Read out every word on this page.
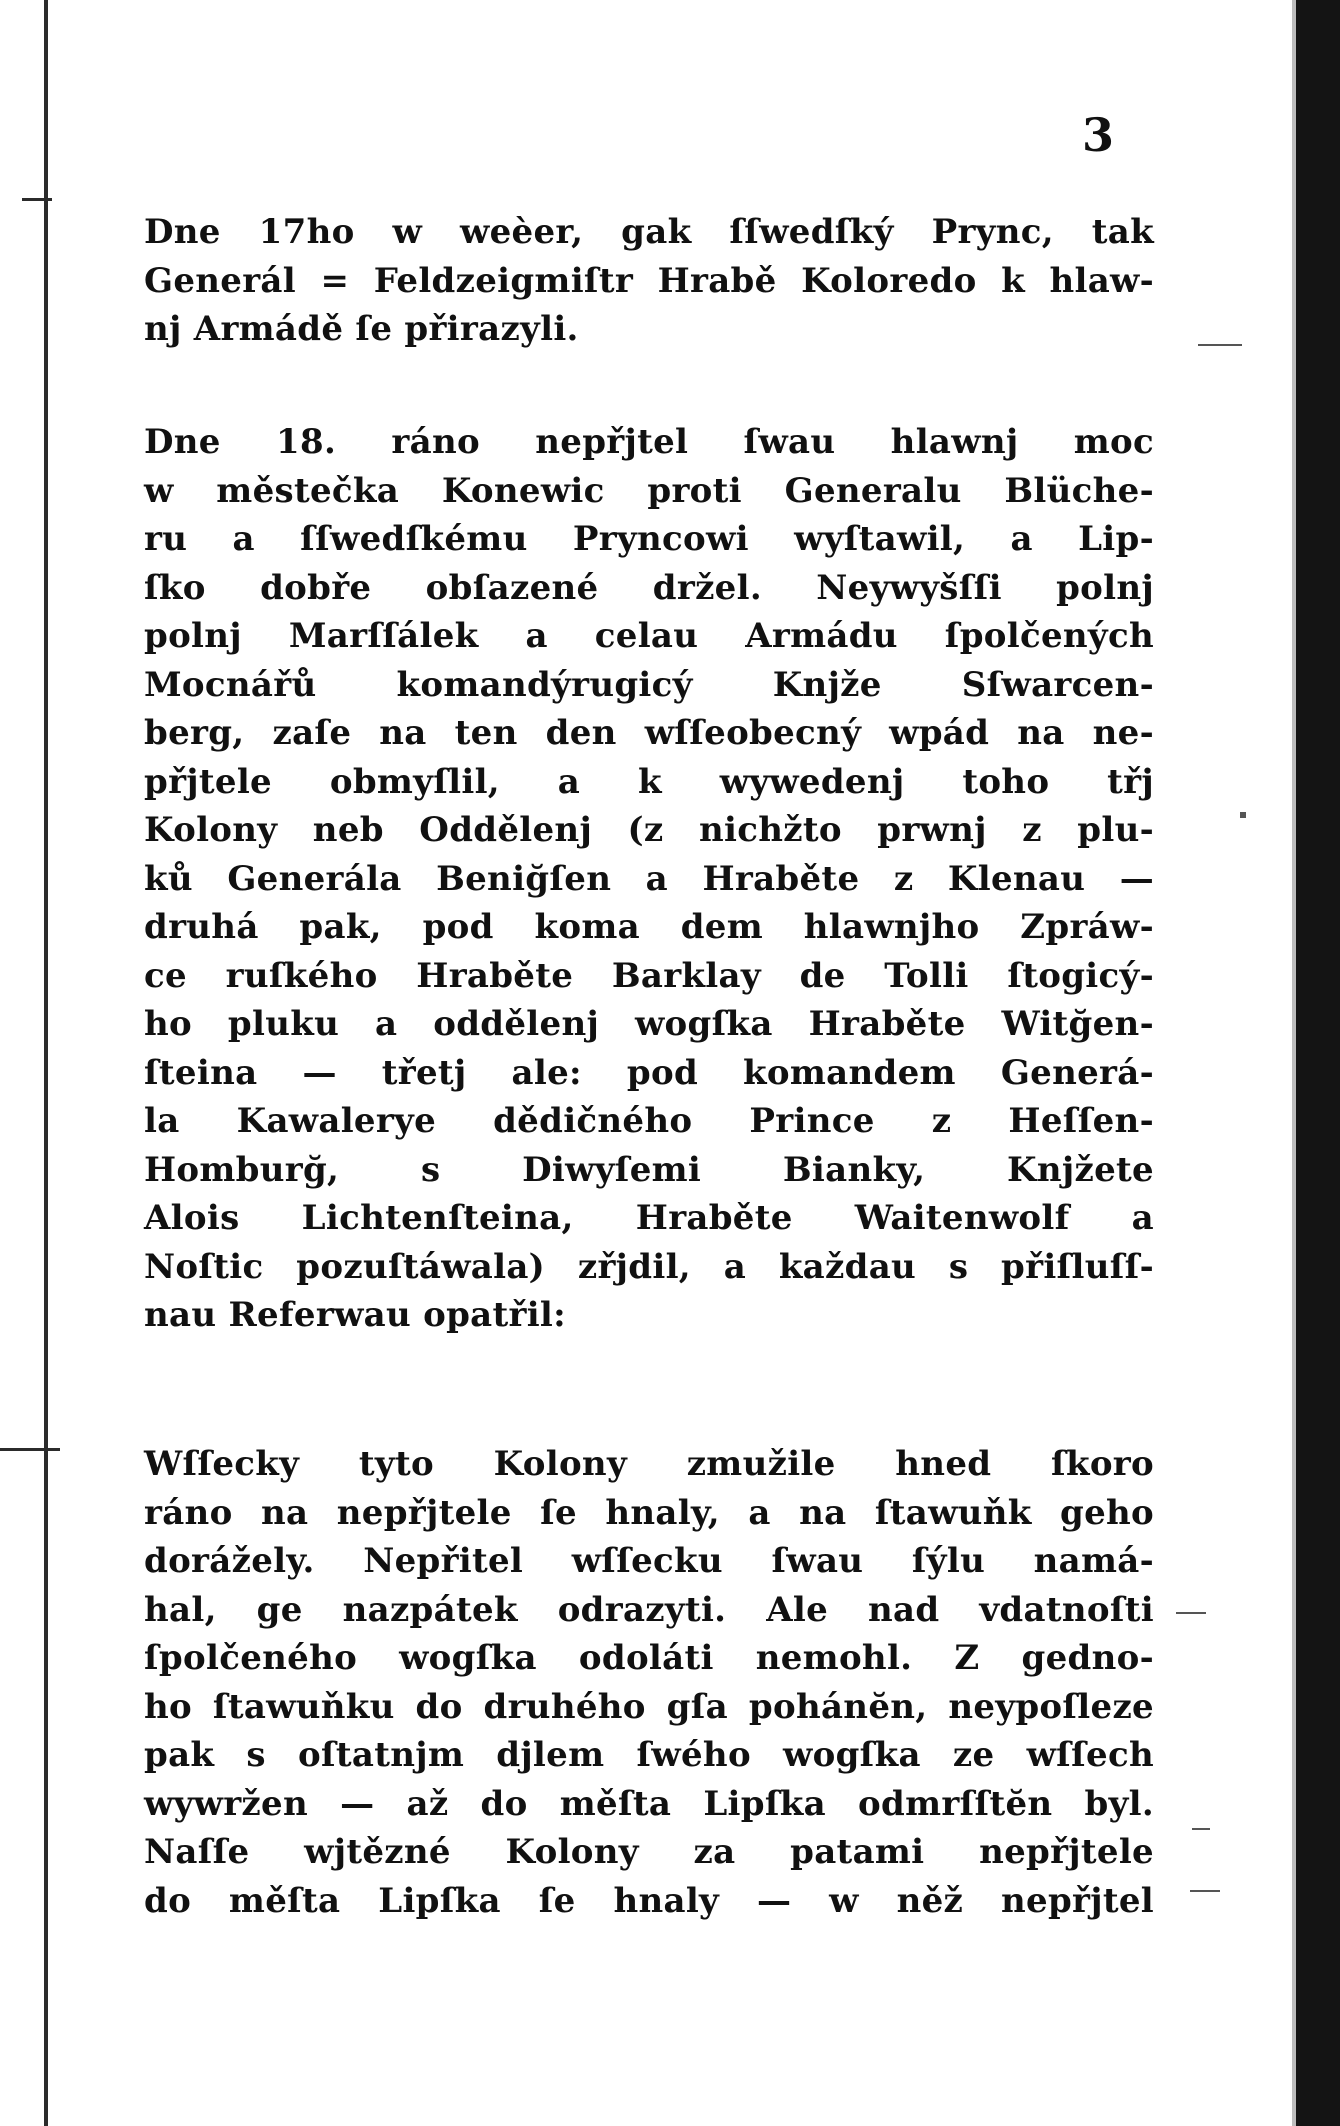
3
Dne 17ho w weèer, gak ſſwedſký Prync, tak
Generál = Feldzeigmiſtr Hrabě Koloredo k hlaw-
nj Armádě ſe přirazyli.
Dne 18. ráno nepřjtel ſwau hlawnj moc
w městečka Konewic proti Generalu Blüche-
ru a ſſwedſkému Pryncowi wyſtawil, a Lip-
ſko dobře obſazené držel. Neywyšſſi polnj
polnj Marſſálek a celau Armádu ſpolčených
Mocnářů komandýrugicý Knjže Sſwarcen-
berg, zaſe na ten den wſſeobecný wpád na ne-
přjtele obmyſlil, a k wywedenj toho třj
Kolony neb Oddělenj (z nichžto prwnj z plu-
ků Generála Beniğſen a Hraběte z Klenau —
druhá pak, pod koma dem hlawnjho Zpráw-
ce ruſkého Hraběte Barklay de Tolli ſtogicý-
ho pluku a oddělenj wogſka Hraběte Witğen-
ſteina — třetj ale: pod komandem Generá-
la Kawalerye dědičného Prince z Heſſen-
Homburğ, s Diwyſemi Bianky, Knjžete
Alois Lichtenſteina, Hraběte Waitenwolf a
Noſtic pozuſtáwala) zřjdil, a každau s přiſluſſ-
nau Referwau opatřil:
Wſſecky tyto Kolony zmužile hned ſkoro
ráno na nepřjtele ſe hnaly, a na ſtawuňk geho
dorážely. Nepřitel wſſecku ſwau ſýlu namá-
hal, ge nazpátek odrazyti. Ale nad vdatnoſti
ſpolčeného wogſka odoláti nemohl. Z gedno-
ho ſtawuňku do druhého gſa pohánĕn, neypoſleze
pak s oſtatnjm djlem ſwého wogſka ze wſſech
wywržen — až do měſta Lipſka odmrſſtĕn byl.
Naſſe wjtězné Kolony za patami nepřjtele
do měſta Lipſka ſe hnaly — w něž nepřjtel
